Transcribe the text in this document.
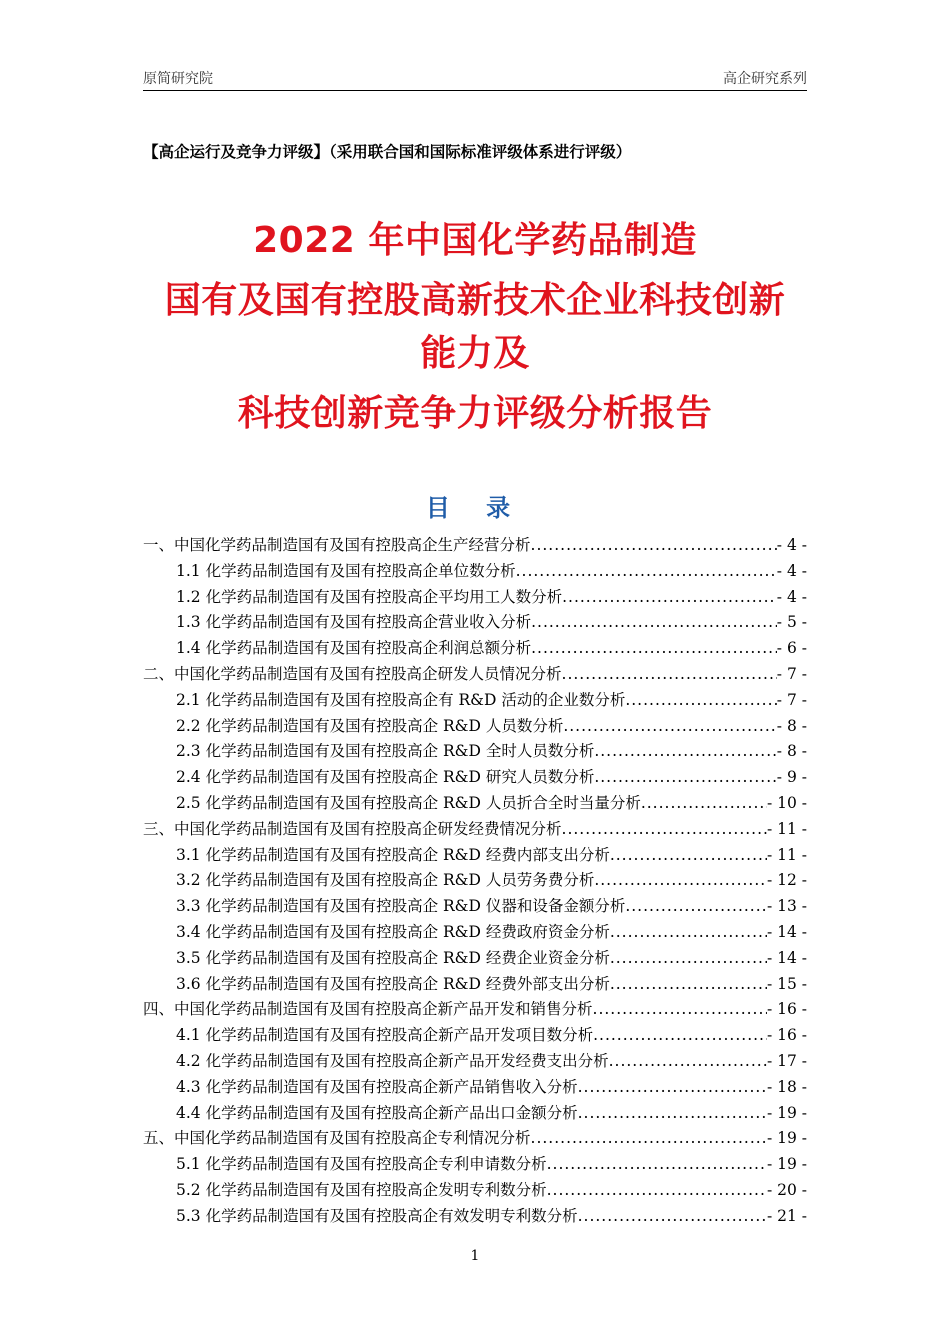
原简研究院	高企研究系列
【高企运行及竞争力评级】（采用联合国和国际标准评级体系进行评级）
2022 年中国化学药品制造
国有及国有控股高新技术企业科技创新
能力及
科技创新竞争力评级分析报告
目 录
一、中国化学药品制造国有及国有控股高企生产经营分析 .....	- 4 -
1.1 化学药品制造国有及国有控股高企单位数分析 .....	- 4 -
1.2 化学药品制造国有及国有控股高企平均用工人数分析 .....	- 4 -
1.3 化学药品制造国有及国有控股高企营业收入分析 .....	- 5 -
1.4 化学药品制造国有及国有控股高企利润总额分析 .....	- 6 -
二、中国化学药品制造国有及国有控股高企研发人员情况分析 .....	- 7 -
2.1 化学药品制造国有及国有控股高企有 R&D 活动的企业数分析 .....	- 7 -
2.2 化学药品制造国有及国有控股高企 R&D 人员数分析 .....	- 8 -
2.3 化学药品制造国有及国有控股高企 R&D 全时人员数分析 .....	- 8 -
2.4 化学药品制造国有及国有控股高企 R&D 研究人员数分析 .....	- 9 -
2.5 化学药品制造国有及国有控股高企 R&D 人员折合全时当量分析 .....	- 10 -
三、中国化学药品制造国有及国有控股高企研发经费情况分析 .....	- 11 -
3.1 化学药品制造国有及国有控股高企 R&D 经费内部支出分析 .....	- 11 -
3.2 化学药品制造国有及国有控股高企 R&D 人员劳务费分析 .....	- 12 -
3.3 化学药品制造国有及国有控股高企 R&D 仪器和设备金额分析 .....	- 13 -
3.4 化学药品制造国有及国有控股高企 R&D 经费政府资金分析 .....	- 14 -
3.5 化学药品制造国有及国有控股高企 R&D 经费企业资金分析 .....	- 14 -
3.6 化学药品制造国有及国有控股高企 R&D 经费外部支出分析 .....	- 15 -
四、中国化学药品制造国有及国有控股高企新产品开发和销售分析 .....	- 16 -
4.1 化学药品制造国有及国有控股高企新产品开发项目数分析 .....	- 16 -
4.2 化学药品制造国有及国有控股高企新产品开发经费支出分析 .....	- 17 -
4.3 化学药品制造国有及国有控股高企新产品销售收入分析 .....	- 18 -
4.4 化学药品制造国有及国有控股高企新产品出口金额分析 .....	- 19 -
五、中国化学药品制造国有及国有控股高企专利情况分析 .....	- 19 -
5.1 化学药品制造国有及国有控股高企专利申请数分析 .....	- 19 -
5.2 化学药品制造国有及国有控股高企发明专利数分析 .....	- 20 -
5.3 化学药品制造国有及国有控股高企有效发明专利数分析 .....	- 21 -
1
